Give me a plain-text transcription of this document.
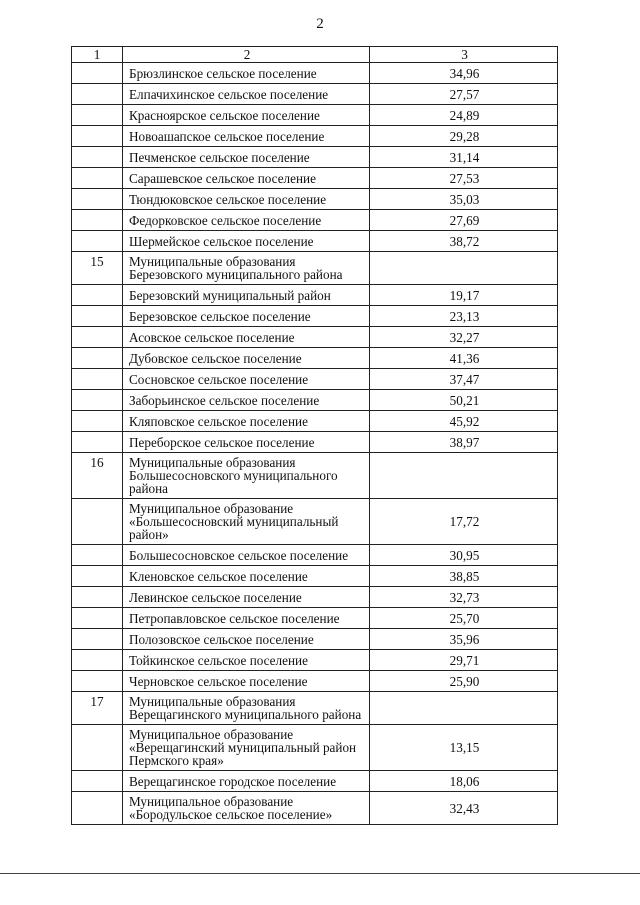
2
1	2	3
	Брюзлинское сельское поселение	34,96
	Елпачихинское сельское поселение	27,57
	Красноярское сельское поселение	24,89
	Новоашапское сельское поселение	29,28
	Печменское сельское поселение	31,14
	Сарашевское сельское поселение	27,53
	Тюндюковское сельское поселение	35,03
	Федорковское сельское поселение	27,69
	Шермейское сельское поселение	38,72
15	Муниципальные образования Березовского муниципального района	
	Березовский муниципальный район	19,17
	Березовское сельское поселение	23,13
	Асовское сельское поселение	32,27
	Дубовское сельское поселение	41,36
	Сосновское сельское поселение	37,47
	Заборьинское сельское поселение	50,21
	Кляповское сельское поселение	45,92
	Переборское сельское поселение	38,97
16	Муниципальные образования Большесосновского муниципального района	
	Муниципальное образование «Большесосновский муниципальный район»	17,72
	Большесосновское сельское поселение	30,95
	Кленовское сельское поселение	38,85
	Левинское сельское поселение	32,73
	Петропавловское сельское поселение	25,70
	Полозовское сельское поселение	35,96
	Тойкинское сельское поселение	29,71
	Черновское сельское поселение	25,90
17	Муниципальные образования Верещагинского муниципального района	
	Муниципальное образование «Верещагинский муниципальный район Пермского края»	13,15
	Верещагинское городское поселение	18,06
	Муниципальное образование «Бородульское сельское поселение»	32,43
